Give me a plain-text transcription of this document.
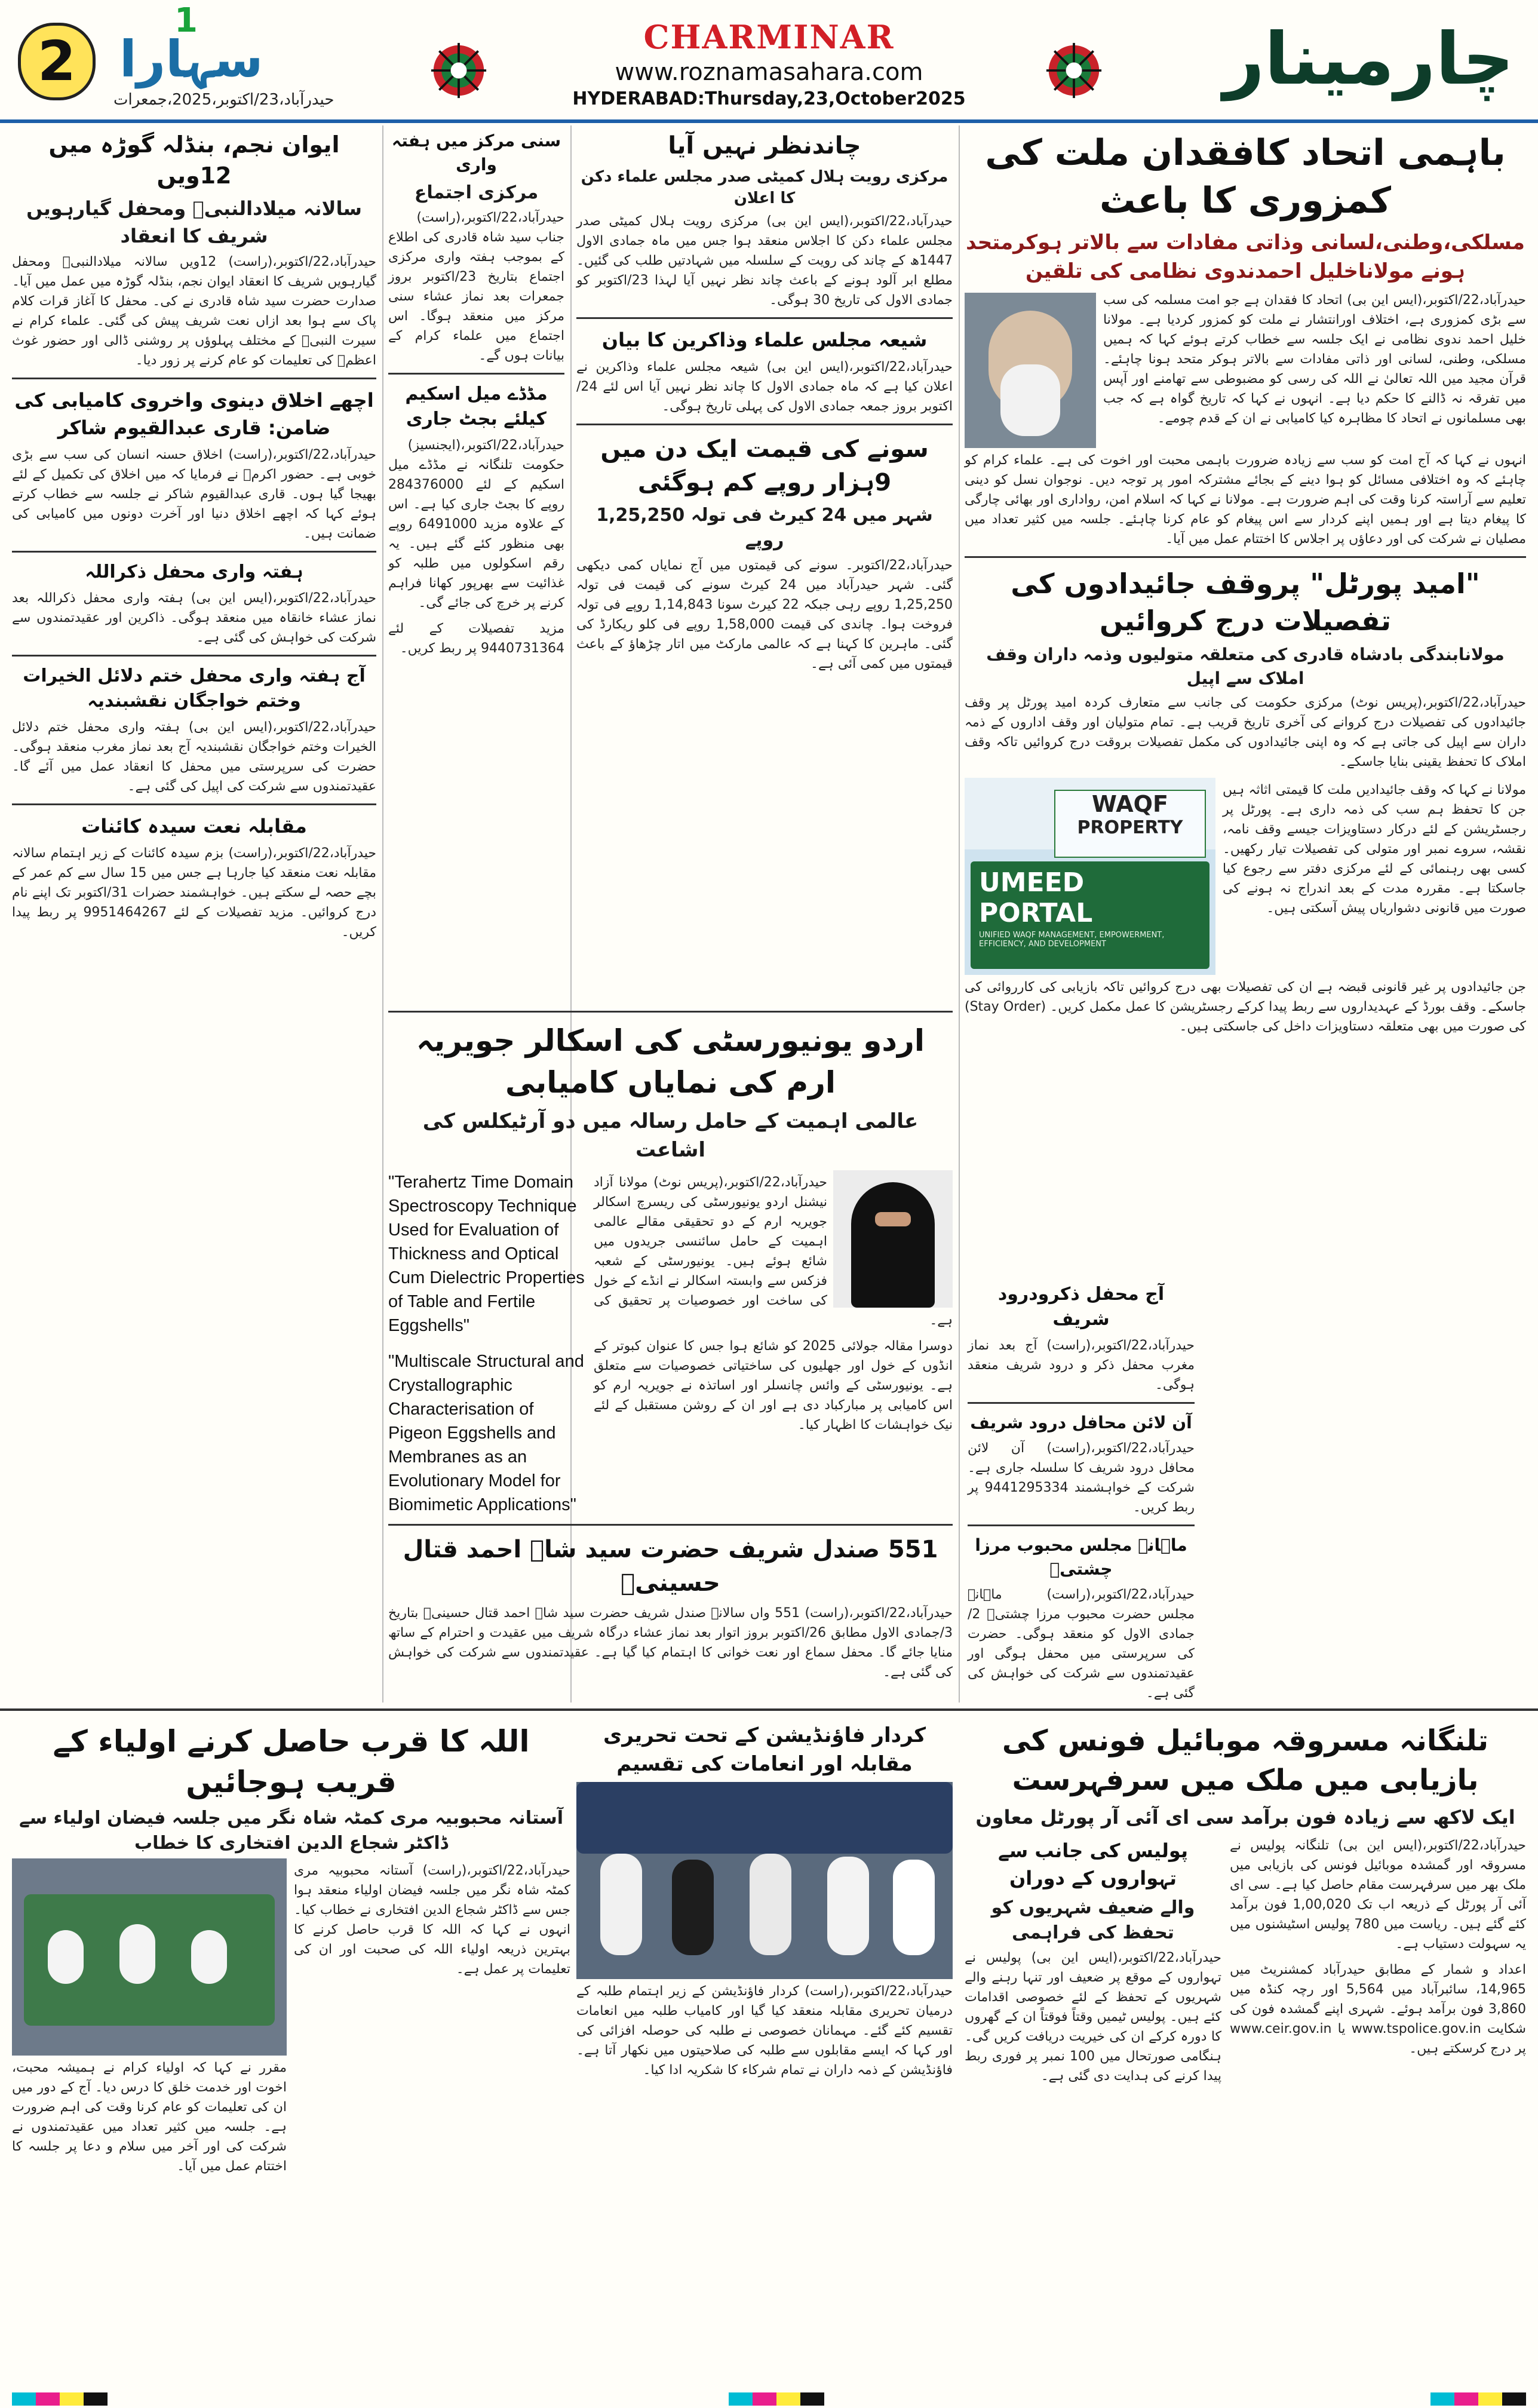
2 سہارا
1
حیدرآباد،23/اکتوبر،2025،جمعرات
CHARMINAR
www.roznamasahara.com
HYDERABAD:Thursday,23,October2025	چارمینار
باہمی اتحاد کافقدان ملت کی کمزوری کا باعث
مسلکی،وطنی،لسانی وذاتی مفادات سے بالاتر ہوکرمتحد ہونے مولاناخلیل احمدندوی نظامی کی تلقین
حیدرآباد،22/اکتوبر،(ایس این بی) اتحاد کا فقدان ہے جو امت مسلمہ کی سب سے بڑی کمزوری ہے، اختلاف اورانتشار نے ملت کو کمزور کردیا ہے۔ مولانا خلیل احمد ندوی نظامی نے ایک جلسہ سے خطاب کرتے ہوئے کہا کہ ہمیں مسلکی، وطنی، لسانی اور ذاتی مفادات سے بالاتر ہوکر متحد ہونا چاہئے۔ قرآن مجید میں اللہ تعالیٰ نے اللہ کی رسی کو مضبوطی سے تھامنے اور آپس میں تفرقہ نہ ڈالنے کا حکم دیا ہے۔ انہوں نے کہا کہ تاریخ گواہ ہے کہ جب بھی مسلمانوں نے اتحاد کا مظاہرہ کیا کامیابی نے ان کے قدم چومے۔
انہوں نے کہا کہ آج امت کو سب سے زیادہ ضرورت باہمی محبت اور اخوت کی ہے۔ علماء کرام کو چاہئے کہ وہ اختلافی مسائل کو ہوا دینے کے بجائے مشترکہ امور پر توجہ دیں۔ نوجوان نسل کو دینی تعلیم سے آراستہ کرنا وقت کی اہم ضرورت ہے۔ مولانا نے کہا کہ اسلام امن، رواداری اور بھائی چارگی کا پیغام دیتا ہے اور ہمیں اپنے کردار سے اس پیغام کو عام کرنا چاہئے۔ جلسہ میں کثیر تعداد میں مصلیان نے شرکت کی اور دعاؤں پر اجلاس کا اختتام عمل میں آیا۔
"امید پورٹل" پروقف جائیدادوں کی تفصیلات درج کروائیں
مولانابندگی بادشاہ قادری کی متعلقہ متولیوں وذمہ داران وقف املاک سے اپیل
حیدرآباد،22/اکتوبر،(پریس نوٹ) مرکزی حکومت کی جانب سے متعارف کردہ امید پورٹل پر وقف جائیدادوں کی تفصیلات درج کروانے کی آخری تاریخ قریب ہے۔ تمام متولیان اور وقف اداروں کے ذمہ داران سے اپیل کی جاتی ہے کہ وہ اپنی جائیدادوں کی مکمل تفصیلات بروقت درج کروائیں تاکہ وقف املاک کا تحفظ یقینی بنایا جاسکے۔
مولانا نے کہا کہ وقف جائیدادیں ملت کا قیمتی اثاثہ ہیں جن کا تحفظ ہم سب کی ذمہ داری ہے۔ پورٹل پر رجسٹریشن کے لئے درکار دستاویزات جیسے وقف نامہ، نقشہ، سروے نمبر اور متولی کی تفصیلات تیار رکھیں۔ کسی بھی رہنمائی کے لئے مرکزی دفتر سے رجوع کیا جاسکتا ہے۔ مقررہ مدت کے بعد اندراج نہ ہونے کی صورت میں قانونی دشواریاں پیش آسکتی ہیں۔
WAQF
PROPERTY
UMEED
PORTAL
UNIFIED WAQF MANAGEMENT, EMPOWERMENT, EFFICIENCY, AND DEVELOPMENT
جن جائیدادوں پر غیر قانونی قبضہ ہے ان کی تفصیلات بھی درج کروائیں تاکہ بازیابی کی کارروائی کی جاسکے۔ وقف بورڈ کے عہدیداروں سے ربط پیدا کرکے رجسٹریشن کا عمل مکمل کریں۔ (Stay Order) کی صورت میں بھی متعلقہ دستاویزات داخل کی جاسکتی ہیں۔
چاندنظر نہیں آیا
مرکزی رویت ہلال کمیٹی صدر مجلس علماء دکن کا اعلان
حیدرآباد،22/اکتوبر،(ایس این بی) مرکزی رویت ہلال کمیٹی صدر مجلس علماء دکن کا اجلاس منعقد ہوا جس میں ماہ جمادی الاول 1447ھ کے چاند کی رویت کے سلسلہ میں شہادتیں طلب کی گئیں۔ مطلع ابر آلود ہونے کے باعث چاند نظر نہیں آیا لہذا 23/اکتوبر کو جمادی الاول کی تاریخ 30 ہوگی۔
شیعہ مجلس علماء وذاکرین کا بیان
حیدرآباد،22/اکتوبر،(ایس این بی) شیعہ مجلس علماء وذاکرین نے اعلان کیا ہے کہ ماہ جمادی الاول کا چاند نظر نہیں آیا اس لئے 24/اکتوبر بروز جمعہ جمادی الاول کی پہلی تاریخ ہوگی۔
سونے کی قیمت ایک دن میں 9ہزار روپے کم ہوگئی
شہر میں 24 کیرٹ فی تولہ 1,25,250 روپے
حیدرآباد،22/اکتوبر۔ سونے کی قیمتوں میں آج نمایاں کمی دیکھی گئی۔ شہر حیدرآباد میں 24 کیرٹ سونے کی قیمت فی تولہ 1,25,250 روپے رہی جبکہ 22 کیرٹ سونا 1,14,843 روپے فی تولہ فروخت ہوا۔ چاندی کی قیمت 1,58,000 روپے فی کلو ریکارڈ کی گئی۔ ماہرین کا کہنا ہے کہ عالمی مارکٹ میں اتار چڑھاؤ کے باعث قیمتوں میں کمی آئی ہے۔
اردو یونیورسٹی کی اسکالر جویریہ ارم کی نمایاں کامیابی
عالمی اہمیت کے حامل رسالہ میں دو آرٹیکلس کی اشاعت
"Terahertz Time Domain Spectroscopy Technique Used for Evaluation of Thickness and Optical Cum Dielectric Properties of Table and Fertile Eggshells"
"Multiscale Structural and Crystallographic Characterisation of Pigeon Eggshells and Membranes as an Evolutionary Model for Biomimetic Applications"
حیدرآباد،22/اکتوبر،(پریس نوٹ) مولانا آزاد نیشنل اردو یونیورسٹی کی ریسرچ اسکالر جویریہ ارم کے دو تحقیقی مقالے عالمی اہمیت کے حامل سائنسی جریدوں میں شائع ہوئے ہیں۔ یونیورسٹی کے شعبہ فزکس سے وابستہ اسکالر نے انڈے کے خول کی ساخت اور خصوصیات پر تحقیق کی ہے۔
دوسرا مقالہ جولائی 2025 کو شائع ہوا جس کا عنوان کبوتر کے انڈوں کے خول اور جھلیوں کی ساختیاتی خصوصیات سے متعلق ہے۔ یونیورسٹی کے وائس چانسلر اور اساتذہ نے جویریہ ارم کو اس کامیابی پر مبارکباد دی ہے اور ان کے روشن مستقبل کے لئے نیک خواہشات کا اظہار کیا۔
551 صندل شریف حضرت سید شاہ احمد قتال حسینیؒ
حیدرآباد،22/اکتوبر،(راست) 551 واں سالانہ صندل شریف حضرت سید شاہ احمد قتال حسینیؒ بتاریخ 3/جمادی الاول مطابق 26/اکتوبر بروز اتوار بعد نماز عشاء درگاہ شریف میں عقیدت و احترام کے ساتھ منایا جائے گا۔ محفل سماع اور نعت خوانی کا اہتمام کیا گیا ہے۔ عقیدتمندوں سے شرکت کی خواہش کی گئی ہے۔
ایوان نجم، بنڈلہ گوڑہ میں 12ویں
سالانہ میلادالنبیؐ ومحفل گیارہویں شریف کا انعقاد
حیدرآباد،22/اکتوبر،(راست) 12ویں سالانہ میلادالنبیؐ ومحفل گیارہویں شریف کا انعقاد ایوان نجم، بنڈلہ گوڑہ میں عمل میں آیا۔ صدارت حضرت سید شاہ قادری نے کی۔ محفل کا آغاز قرات کلام پاک سے ہوا بعد ازاں نعت شریف پیش کی گئی۔ علماء کرام نے سیرت النبیؐ کے مختلف پہلوؤں پر روشنی ڈالی اور حضور غوث اعظمؒ کی تعلیمات کو عام کرنے پر زور دیا۔
اچھے اخلاق دینوی واخروی کامیابی کی ضامن: قاری عبدالقیوم شاکر
حیدرآباد،22/اکتوبر،(راست) اخلاق حسنہ انسان کی سب سے بڑی خوبی ہے۔ حضور اکرمؐ نے فرمایا کہ میں اخلاق کی تکمیل کے لئے بھیجا گیا ہوں۔ قاری عبدالقیوم شاکر نے جلسہ سے خطاب کرتے ہوئے کہا کہ اچھے اخلاق دنیا اور آخرت دونوں میں کامیابی کی ضمانت ہیں۔
ہفتہ واری محفل ذکراللہ
حیدرآباد،22/اکتوبر،(ایس این بی) ہفتہ واری محفل ذکراللہ بعد نماز عشاء خانقاہ میں منعقد ہوگی۔ ذاکرین اور عقیدتمندوں سے شرکت کی خواہش کی گئی ہے۔
آج ہفتہ واری محفل ختم دلائل الخیرات وختم خواجگان نقشبندیہ
حیدرآباد،22/اکتوبر،(ایس این بی) ہفتہ واری محفل ختم دلائل الخیرات وختم خواجگان نقشبندیہ آج بعد نماز مغرب منعقد ہوگی۔ حضرت کی سرپرستی میں محفل کا انعقاد عمل میں آئے گا۔ عقیدتمندوں سے شرکت کی اپیل کی گئی ہے۔
مقابلہ نعت سیدہ کائنات
حیدرآباد،22/اکتوبر،(راست) بزم سیدہ کائنات کے زیر اہتمام سالانہ مقابلہ نعت منعقد کیا جارہا ہے جس میں 15 سال سے کم عمر کے بچے حصہ لے سکتے ہیں۔ خواہشمند حضرات 31/اکتوبر تک اپنے نام درج کروائیں۔ مزید تفصیلات کے لئے 9951464267 پر ربط پیدا کریں۔
سنی مرکز میں ہفتہ واری
مرکزی اجتماع
حیدرآباد،22/اکتوبر،(راست) جناب سید شاہ قادری کی اطلاع کے بموجب ہفتہ واری مرکزی اجتماع بتاریخ 23/اکتوبر بروز جمعرات بعد نماز عشاء سنی مرکز میں منعقد ہوگا۔ اس اجتماع میں علماء کرام کے بیانات ہوں گے۔
مڈڈے میل اسکیم کیلئے بجٹ جاری
حیدرآباد،22/اکتوبر،(ایجنسیز) حکومت تلنگانہ نے مڈڈے میل اسکیم کے لئے 284376000 روپے کا بجٹ جاری کیا ہے۔ اس کے علاوہ مزید 6491000 روپے بھی منظور کئے گئے ہیں۔ یہ رقم اسکولوں میں طلبہ کو غذائیت سے بھرپور کھانا فراہم کرنے پر خرچ کی جائے گی۔
مزید تفصیلات کے لئے 9440731364 پر ربط کریں۔
اللہ کا قرب حاصل کرنے اولیاء کے قریب ہوجائیں
آستانہ محبوبیہ مری کمٹہ شاہ نگر میں جلسہ فیضان اولیاء سے ڈاکٹر شجاع الدین افتخاری کا خطاب
مقرر نے کہا کہ اولیاء کرام نے ہمیشہ محبت، اخوت اور خدمت خلق کا درس دیا۔ آج کے دور میں ان کی تعلیمات کو عام کرنا وقت کی اہم ضرورت ہے۔ جلسہ میں کثیر تعداد میں عقیدتمندوں نے شرکت کی اور آخر میں سلام و دعا پر جلسہ کا اختتام عمل میں آیا۔
حیدرآباد،22/اکتوبر،(راست) آستانہ محبوبیہ مری کمٹہ شاہ نگر میں جلسہ فیضان اولیاء منعقد ہوا جس سے ڈاکٹر شجاع الدین افتخاری نے خطاب کیا۔ انہوں نے کہا کہ اللہ کا قرب حاصل کرنے کا بہترین ذریعہ اولیاء اللہ کی صحبت اور ان کی تعلیمات پر عمل ہے۔
کردار فاؤنڈیشن کے تحت تحریری مقابلہ اور انعامات کی تقسیم
حیدرآباد،22/اکتوبر،(راست) کردار فاؤنڈیشن کے زیر اہتمام طلبہ کے درمیان تحریری مقابلہ منعقد کیا گیا اور کامیاب طلبہ میں انعامات تقسیم کئے گئے۔ مہمانان خصوصی نے طلبہ کی حوصلہ افزائی کی اور کہا کہ ایسے مقابلوں سے طلبہ کی صلاحیتوں میں نکھار آتا ہے۔ فاؤنڈیشن کے ذمہ داران نے تمام شرکاء کا شکریہ ادا کیا۔
تلنگانہ مسروقہ موبائیل فونس کی بازیابی میں ملک میں سرفہرست
ایک لاکھ سے زیادہ فون برآمد سی ای آئی آر پورٹل معاون
حیدرآباد،22/اکتوبر،(ایس این بی) تلنگانہ پولیس نے مسروقہ اور گمشدہ موبائیل فونس کی بازیابی میں ملک بھر میں سرفہرست مقام حاصل کیا ہے۔ سی ای آئی آر پورٹل کے ذریعہ اب تک 1,00,020 فون برآمد کئے گئے ہیں۔ ریاست میں 780 پولیس اسٹیشنوں میں یہ سہولت دستیاب ہے۔
اعداد و شمار کے مطابق حیدرآباد کمشنریٹ میں 14,965، سائبرآباد میں 5,564 اور رچہ کنڈہ میں 3,860 فون برآمد ہوئے۔ شہری اپنے گمشدہ فون کی شکایت www.tspolice.gov.in یا www.ceir.gov.in پر درج کرسکتے ہیں۔
پولیس کی جانب سے تہواروں کے دوران
والے ضعیف شہریوں کو تحفظ کی فراہمی
حیدرآباد،22/اکتوبر،(ایس این بی) پولیس نے تہواروں کے موقع پر ضعیف اور تنہا رہنے والے شہریوں کے تحفظ کے لئے خصوصی اقدامات کئے ہیں۔ پولیس ٹیمیں وقتاً فوقتاً ان کے گھروں کا دورہ کرکے ان کی خیریت دریافت کریں گی۔ ہنگامی صورتحال میں 100 نمبر پر فوری ربط پیدا کرنے کی ہدایت دی گئی ہے۔
آج محفل ذکرودرود شریف
حیدرآباد،22/اکتوبر،(راست) آج بعد نماز مغرب محفل ذکر و درود شریف منعقد ہوگی۔
آن لائن محافل درود شریف
حیدرآباد،22/اکتوبر،(راست) آن لائن محافل درود شریف کا سلسلہ جاری ہے۔ شرکت کے خواہشمند 9441295334 پر ربط کریں۔
ماہانہ مجلس محبوب مرزا چشتیؒ
حیدرآباد،22/اکتوبر،(راست) ماہانہ مجلس حضرت محبوب مرزا چشتیؒ 2/جمادی الاول کو منعقد ہوگی۔ حضرت کی سرپرستی میں محفل ہوگی اور عقیدتمندوں سے شرکت کی خواہش کی گئی ہے۔
